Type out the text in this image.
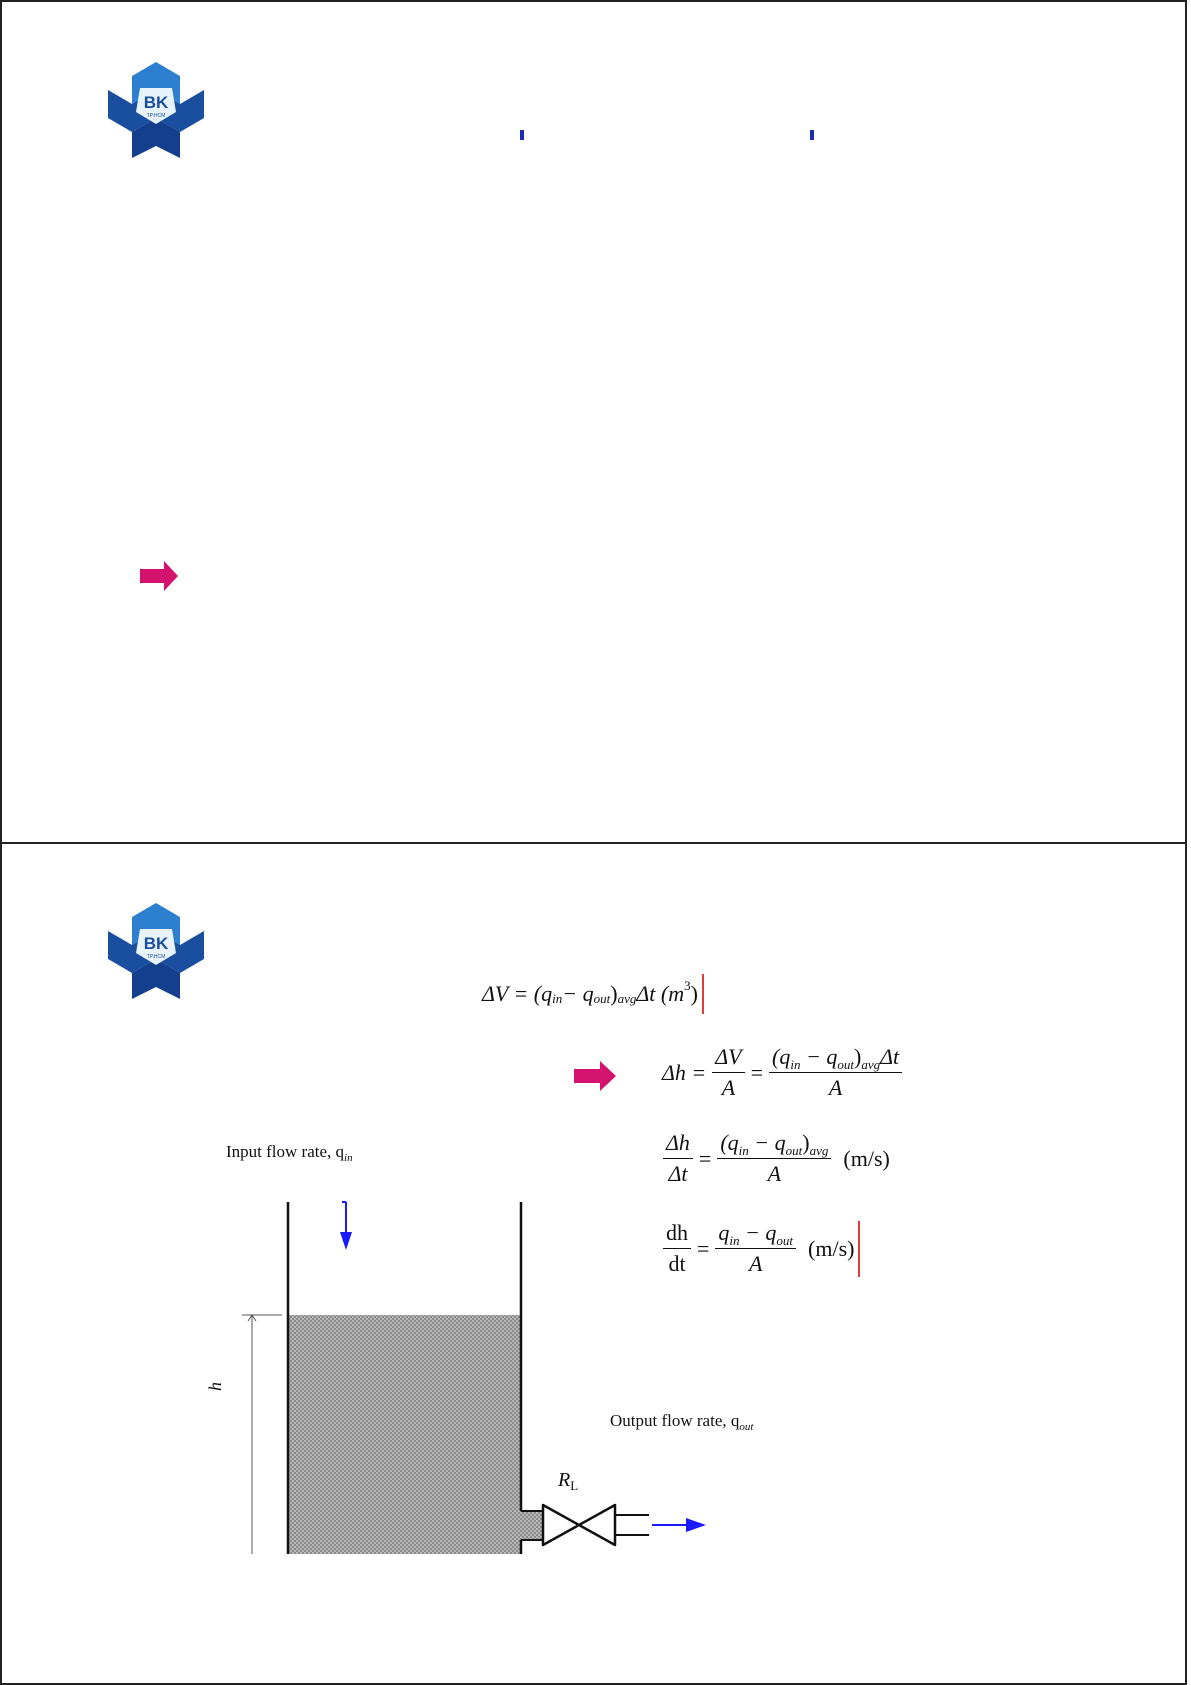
BK
TP.HCM
BK
TP.HCM
ΔV = (q in − q out ) avg Δt (m 3 )
$\Delta h = \frac{\Delta V}{A} = \frac{(q_{in} - q_{out})_{avg}\Delta t}{A}$
$\frac{\Delta h}{\Delta t} = \frac{(q_{in} - q_{out})_{avg}}{A} (m/s)$
$\frac{dh}{dt} = \frac{q_{in} - q_{out}}{A} (m/s)$
Input flow rate, $q_{in}$
Output flow rate, $q_{out}$
h
$R_L$
